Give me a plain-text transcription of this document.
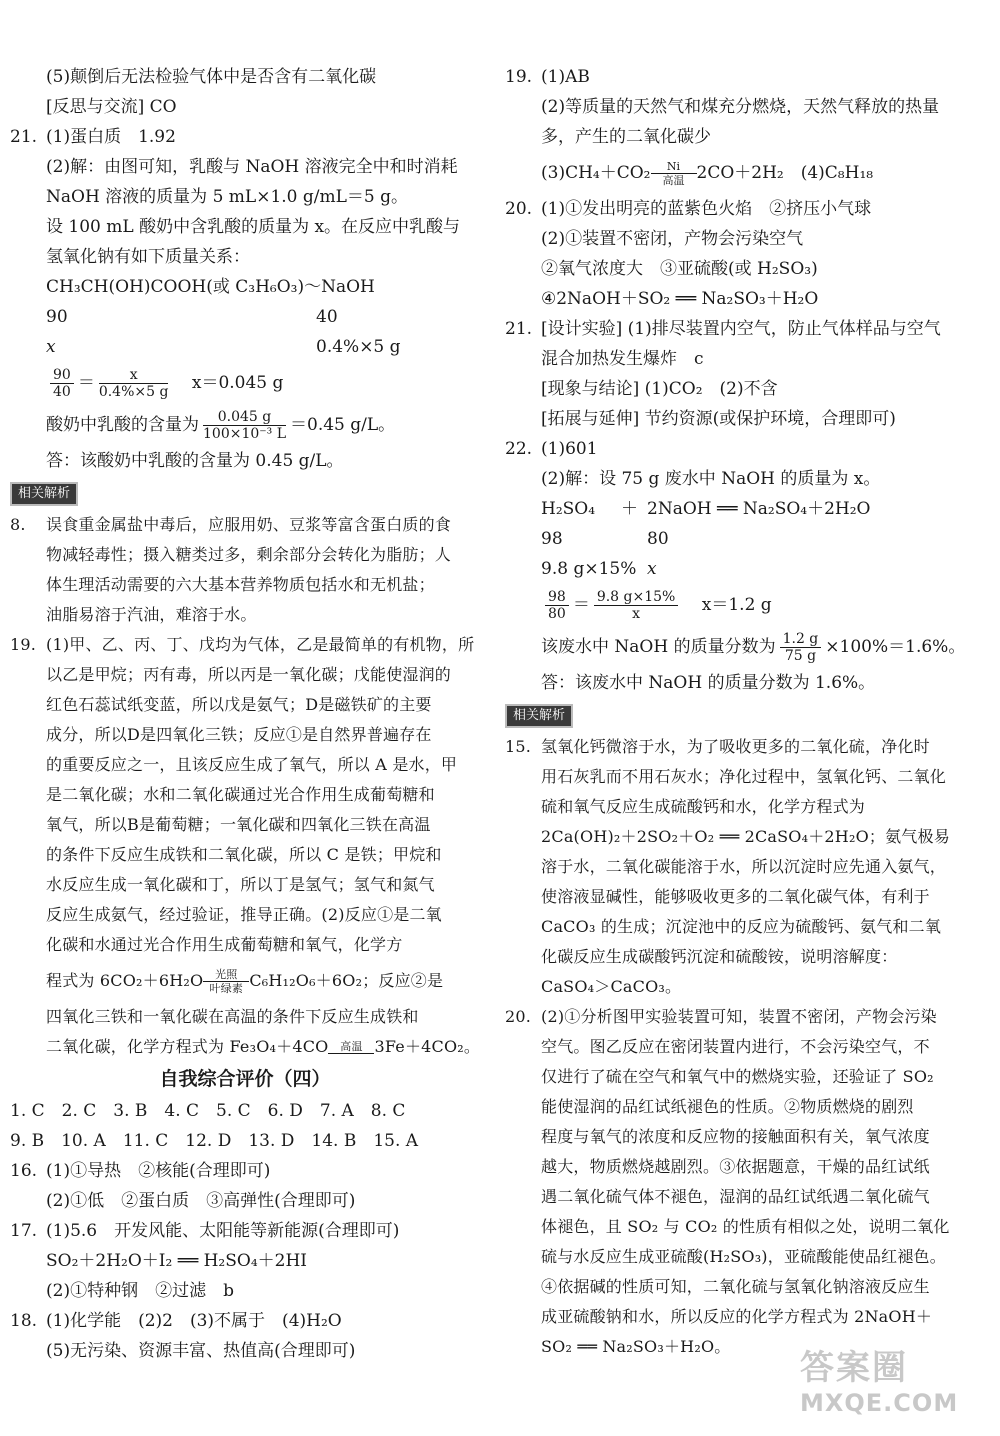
(5)颠倒后无法检验气体中是否含有二氧化碳
[反思与交流] CO
21. (1)蛋白质　1.92
(2)解：由图可知，乳酸与 NaOH 溶液完全中和时消耗
NaOH 溶液的质量为 5 mL×1.0 g/mL＝5 g。
设 100 mL 酸奶中含乳酸的质量为 x。在反应中乳酸与
氢氧化钠有如下质量关系：
CH₃CH(OH)COOH(或 C₃H₆O₃)～NaOH
90	40
x	0.4%×5 g
$\frac{90}{40} = \frac{x}{0.4\%\times 5 g} x=0.045$ g
酸奶中乳酸的含量为 $\frac{0.045 g}{\text{100×10⁻³ L}} =0.45$ g/L。
答：该酸奶中乳酸的含量为 0.45 g/L。
相关解析
8. 误食重金属盐中毒后，应服用奶、豆浆等富含蛋白质的食
物减轻毒性；摄入糖类过多，剩余部分会转化为脂肪；人
体生理活动需要的六大基本营养物质包括水和无机盐；
油脂易溶于汽油，难溶于水。
19. (1)甲、乙、丙、丁、戊均为气体，乙是最简单的有机物，所
以乙是甲烷；丙有毒，所以丙是一氧化碳；戊能使湿润的
红色石蕊试纸变蓝，所以戊是氨气；D是磁铁矿的主要
成分，所以D是四氧化三铁；反应①是自然界普遍存在
的重要反应之一，且该反应生成了氧气，所以 A 是水，甲
是二氧化碳；水和二氧化碳通过光合作用生成葡萄糖和
氧气，所以B是葡萄糖；一氧化碳和四氧化三铁在高温
的条件下反应生成铁和二氧化碳，所以 C 是铁；甲烷和
水反应生成一氧化碳和丁，所以丁是氢气；氢气和氮气
反应生成氨气，经过验证，推导正确。(2)反应①是二氧
化碳和水通过光合作用生成葡萄糖和氧气，化学方
程式为 6CO₂＋6H₂O	光照
叶绿素 C₆H₁₂O₆＋6O₂；反应②是
四氧化三铁和一氧化碳在高温的条件下反应生成铁和
二氧化碳，化学方程式为 Fe₃O₄＋4CO	高温 3Fe＋4CO₂。
自我综合评价（四）
1. C　2. C　3. B　4. C　5. C　6. D　7. A　8. C
9. B　10. A　11. C　12. D　13. D　14. B　15. A
16. (1)①导热　②核能(合理即可)
(2)①低　②蛋白质　③高弹性(合理即可)
17. (1)5.6　开发风能、太阳能等新能源(合理即可)
SO₂＋2H₂O＋I₂ ══ H₂SO₄＋2HI
(2)①特种钢　②过滤　b
18. (1)化学能　(2)2　(3)不属于　(4)H₂O
(5)无污染、资源丰富、热值高(合理即可)
19. (1)AB
(2)等质量的天然气和煤充分燃烧，天然气释放的热量
多，产生的二氧化碳少
(3)CH₄＋CO₂	Ni
高温 2CO＋2H₂　(4)C₈H₁₈
20. (1)①发出明亮的蓝紫色火焰　②挤压小气球
(2)①装置不密闭，产物会污染空气
②氧气浓度大　③亚硫酸(或 H₂SO₃)
④2NaOH＋SO₂ ══ Na₂SO₃＋H₂O
21. [设计实验] (1)排尽装置内空气，防止气体样品与空气
混合加热发生爆炸　c
[现象与结论] (1)CO₂　(2)不含
[拓展与延伸] 节约资源(或保护环境，合理即可)
22. (1)601
(2)解：设 75 g 废水中 NaOH 的质量为 x。
H₂SO₄ ＋ 2NaOH ══ Na₂SO₄＋2H₂O
98	80
9.8 g×15% x
$\frac{98}{80} = \frac{9.8 g\times 15\%}{x} x=1.2$ g
该废水中 NaOH 的质量分数为 $\frac{1.2 g}{75 g} \times 100\%=1.6\%$。
答：该废水中 NaOH 的质量分数为 1.6%。
相关解析
15. 氢氧化钙微溶于水，为了吸收更多的二氧化硫，净化时
用石灰乳而不用石灰水；净化过程中，氢氧化钙、二氧化
硫和氧气反应生成硫酸钙和水，化学方程式为
2Ca(OH)₂＋2SO₂＋O₂ ══ 2CaSO₄＋2H₂O；氨气极易
溶于水，二氧化碳能溶于水，所以沉淀时应先通入氨气，
使溶液显碱性，能够吸收更多的二氧化碳气体，有利于
CaCO₃ 的生成；沉淀池中的反应为硫酸钙、氨气和二氧
化碳反应生成碳酸钙沉淀和硫酸铵，说明溶解度：
CaSO₄＞CaCO₃。
20. (2)①分析图甲实验装置可知，装置不密闭，产物会污染
空气。图乙反应在密闭装置内进行，不会污染空气，不
仅进行了硫在空气和氧气中的燃烧实验，还验证了 SO₂
能使湿润的品红试纸褪色的性质。②物质燃烧的剧烈
程度与氧气的浓度和反应物的接触面积有关，氧气浓度
越大，物质燃烧越剧烈。③依据题意，干燥的品红试纸
遇二氧化硫气体不褪色，湿润的品红试纸遇二氧化硫气
体褪色，且 SO₂ 与 CO₂ 的性质有相似之处，说明二氧化
硫与水反应生成亚硫酸(H₂SO₃)，亚硫酸能使品红褪色。
④依据碱的性质可知，二氧化硫与氢氧化钠溶液反应生
成亚硫酸钠和水，所以反应的化学方程式为 2NaOH＋
SO₂ ══ Na₂SO₃＋H₂O。
答案圈
MXQE.COM
